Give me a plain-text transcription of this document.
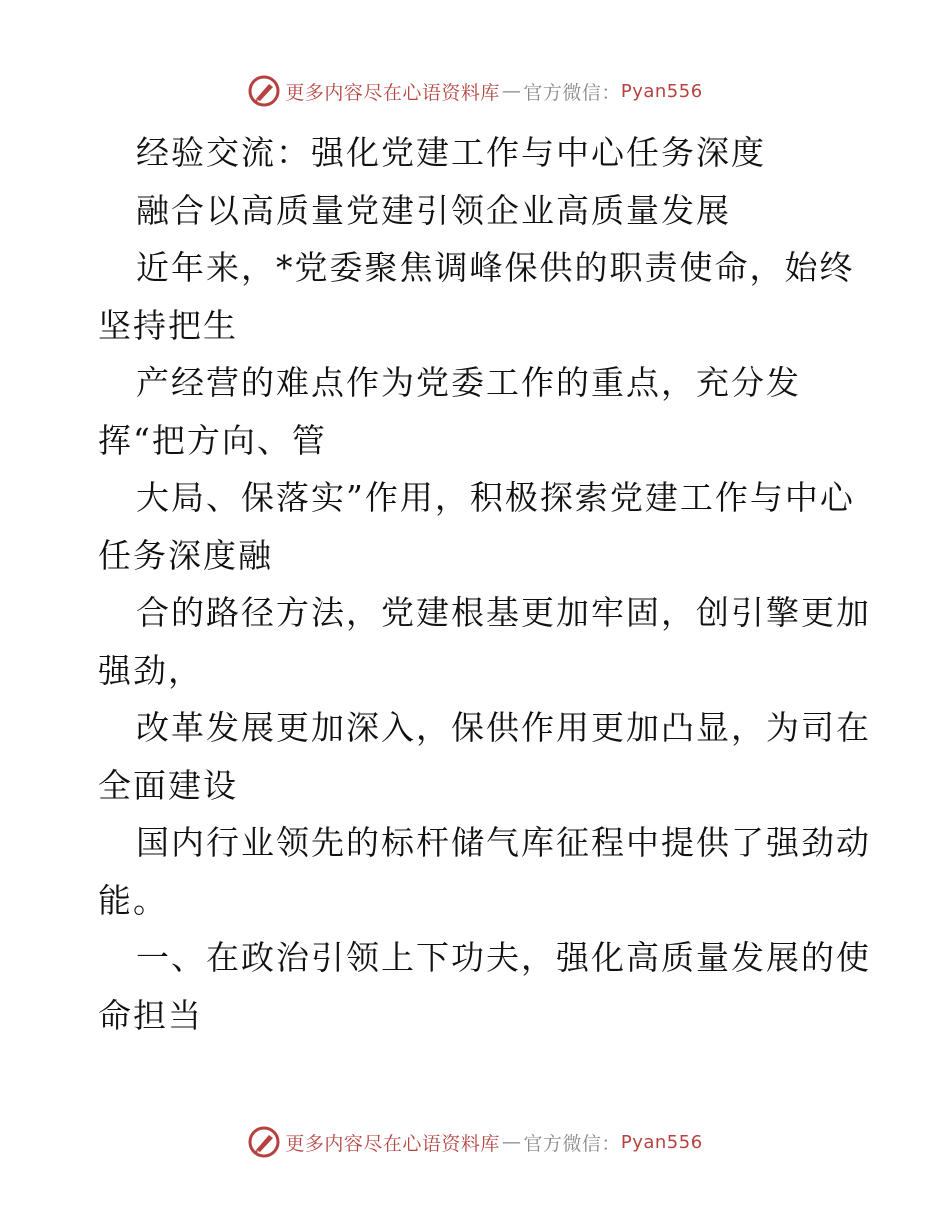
更多内容尽在心语资料库 — 官方微信： Pyan556
经验交流：强化党建工作与中心任务深度
融合以高质量党建引领企业高质量发展
近年来，*党委聚焦调峰保供的职责使命，始终
坚持把生
产经营的难点作为党委工作的重点，充分发
挥“把方向、管
大局、保落实”作用，积极探索党建工作与中心
任务深度融
合的路径方法，党建根基更加牢固，创引擎更加
强劲，
改革发展更加深入，保供作用更加凸显，为司在
全面建设
国内行业领先的标杆储气库征程中提供了强劲动
能。
一、在政治引领上下功夫，强化高质量发展的使
命担当
更多内容尽在心语资料库 — 官方微信： Pyan556
